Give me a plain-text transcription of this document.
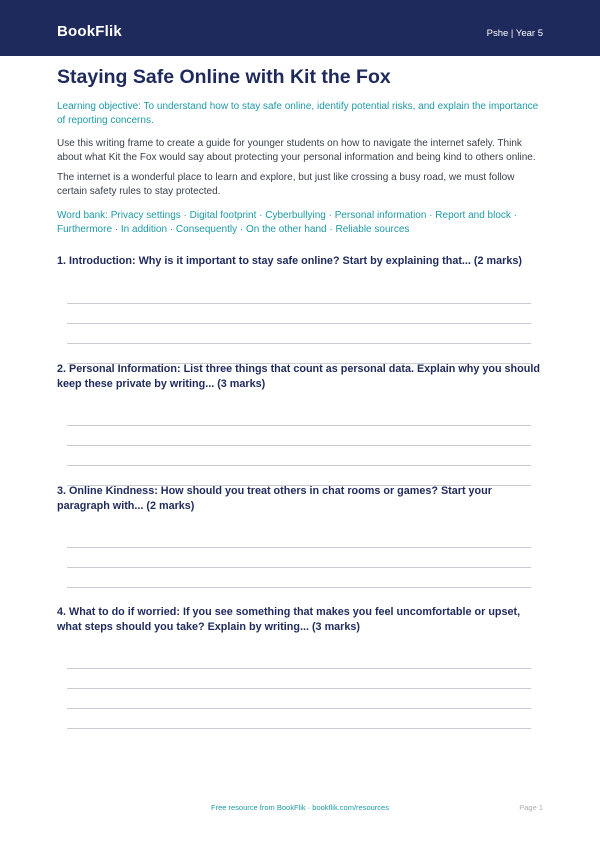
BookFlik	Pshe | Year 5
Staying Safe Online with Kit the Fox

Learning objective: To understand how to stay safe online, identify potential risks, and explain the importance of reporting concerns.

Use this writing frame to create a guide for younger students on how to navigate the internet safely. Think about what Kit the Fox would say about protecting your personal information and being kind to others online.

The internet is a wonderful place to learn and explore, but just like crossing a busy road, we must follow certain safety rules to stay protected.

Word bank: Privacy settings · Digital footprint · Cyberbullying · Personal information · Report and block · Furthermore · In addition · Consequently · On the other hand · Reliable sources

1. Introduction: Why is it important to stay safe online? Start by explaining that... (2 marks)

2. Personal Information: List three things that count as personal data. Explain why you should keep these private by writing... (3 marks)

3. Online Kindness: How should you treat others in chat rooms or games? Start your paragraph with... (2 marks)

4. What to do if worried: If you see something that makes you feel uncomfortable or upset, what steps should you take? Explain by writing... (3 marks)

Free resource from BookFlik · bookflik.com/resources	Page 1
